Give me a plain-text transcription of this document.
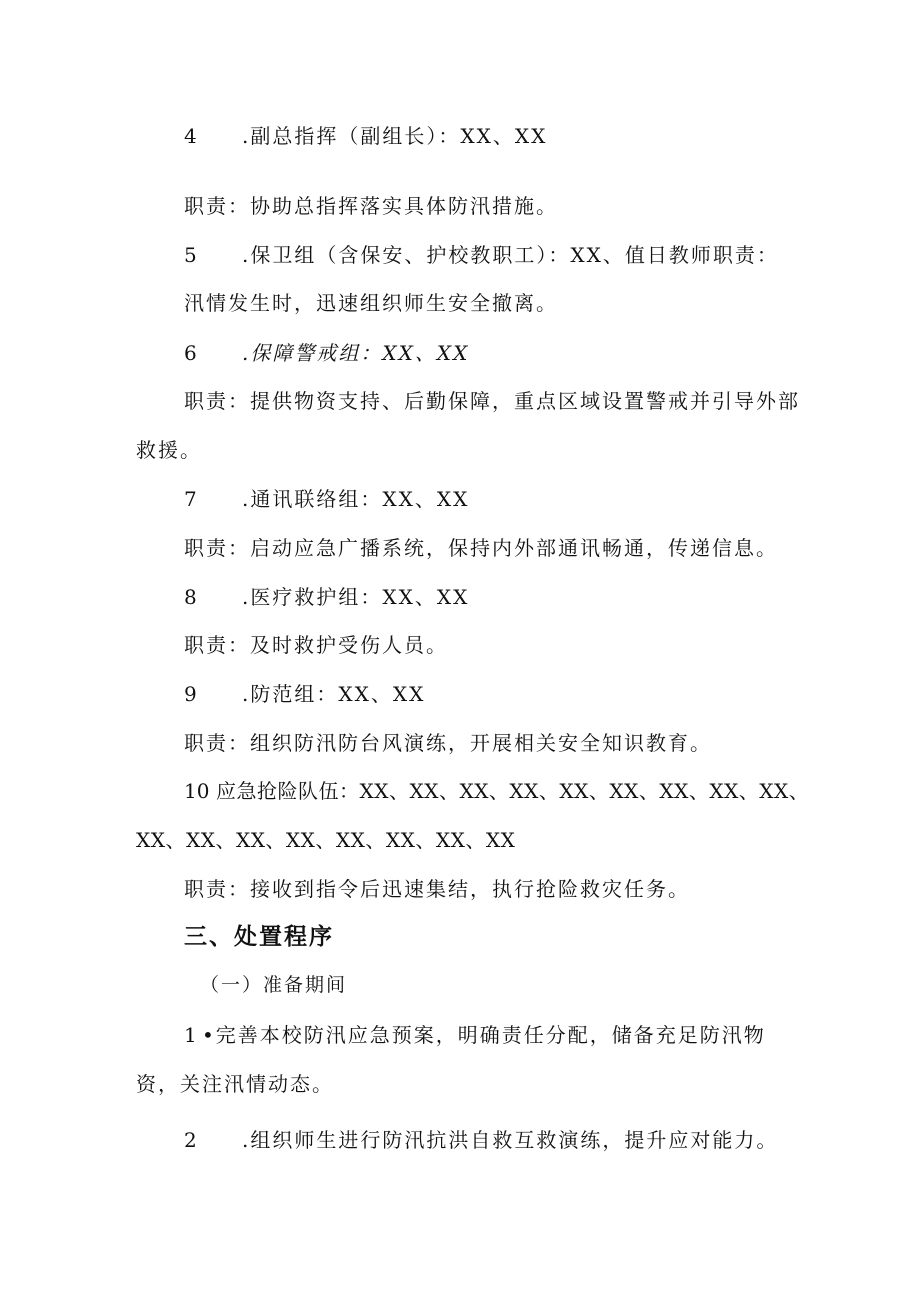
4 .副总指挥（副组长）：XX、XX
职责：协助总指挥落实具体防汛措施。
5 .保卫组（含保安、护校教职工）：XX、值日教师职责：
汛情发生时，迅速组织师生安全撤离。
6 .保障警戒组：XX、XX
职责：提供物资支持、后勤保障，重点区域设置警戒并引导外部
救援。
7 .通讯联络组：XX、XX
职责：启动应急广播系统，保持内外部通讯畅通，传递信息。
8 .医疗救护组：XX、XX
职责：及时救护受伤人员。
9 .防范组：XX、XX
职责：组织防汛防台风演练，开展相关安全知识教育。
10 应急抢险队伍：XX、XX、XX、XX、XX、XX、XX、XX、XX、
XX、XX、XX、XX、XX、XX、XX、XX
职责：接收到指令后迅速集结，执行抢险救灾任务。
三、处置程序
（一）准备期间
1 •完善本校防汛应急预案，明确责任分配，储备充足防汛物
资，关注汛情动态。
2 .组织师生进行防汛抗洪自救互救演练，提升应对能力。
